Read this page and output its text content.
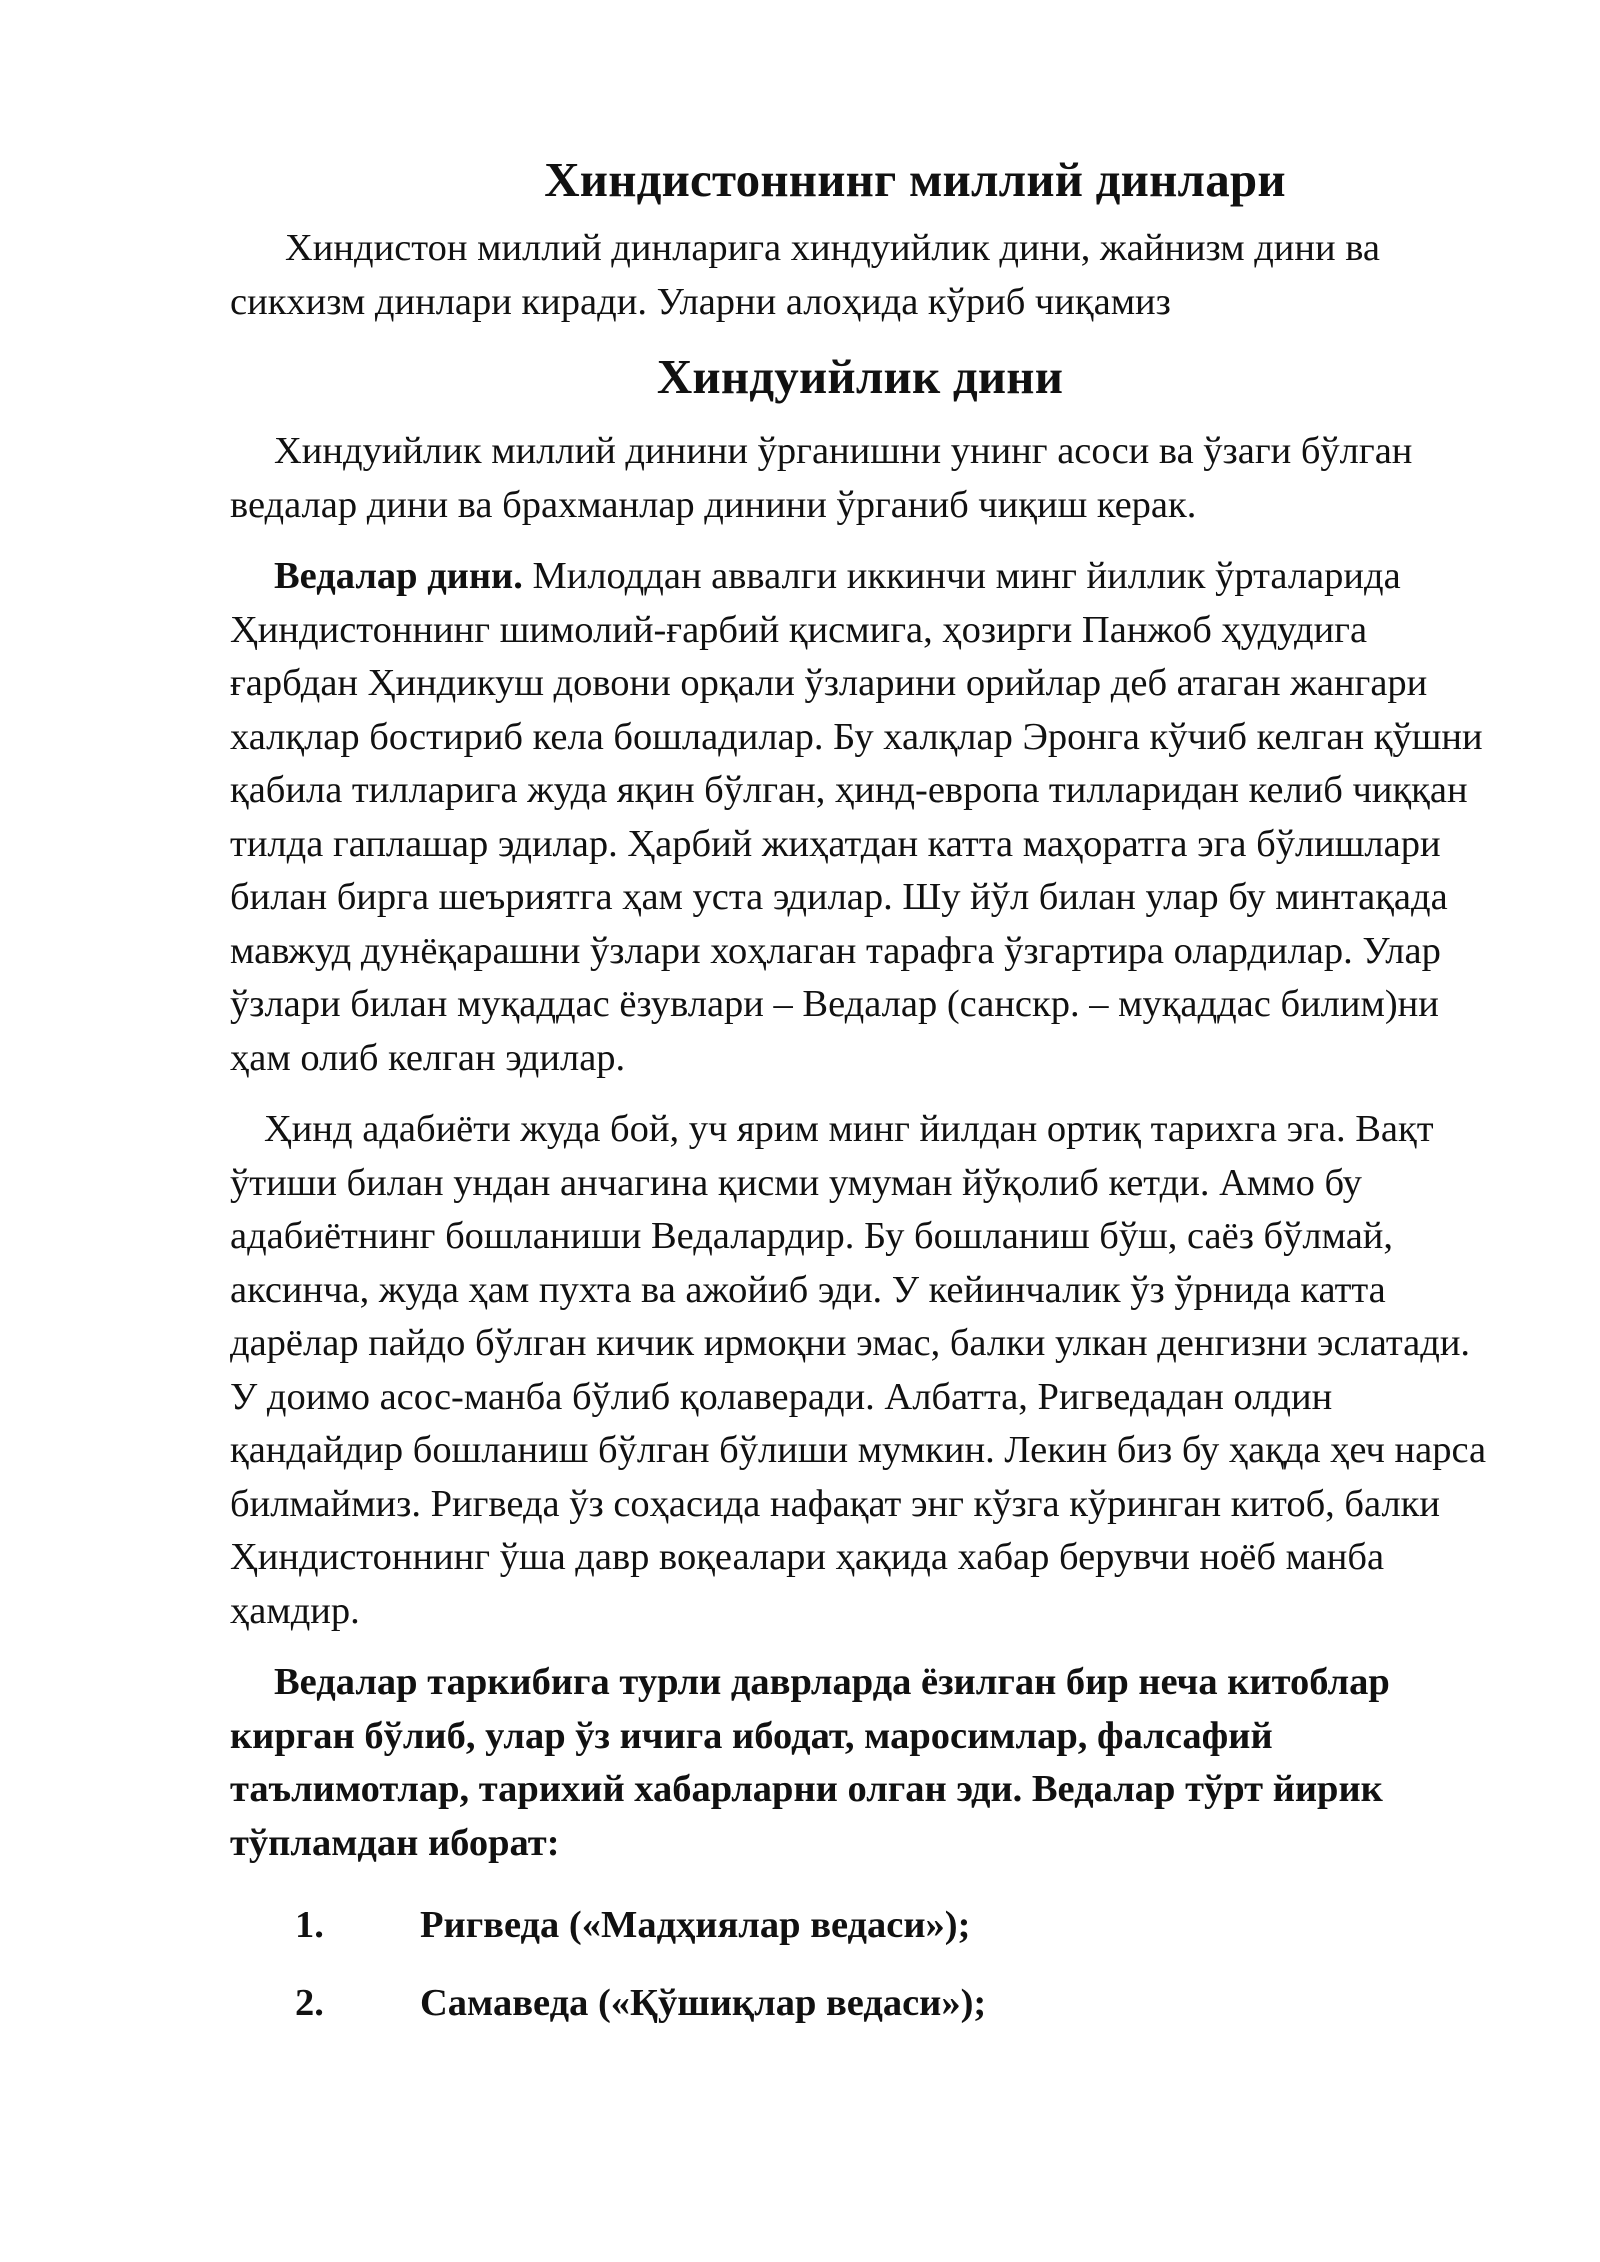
Хиндистоннинг миллий динлари

Хиндистон миллий динларига хиндуийлик дини, жайнизм дини ва сикхизм динлари киради. Уларни алоҳида кўриб чиқамиз

Хиндуийлик дини

Хиндуийлик миллий динини ўрганишни унинг асоси ва ўзаги бўлган ведалар дини ва брахманлар динини ўрганиб чиқиш керак.

Ведалар дини. Милоддан аввалги иккинчи минг йиллик ўрталарида Ҳиндистоннинг шимолий-ғарбий қисмига, ҳозирги Панжоб ҳудудига ғарбдан Ҳиндикуш довони орқали ўзларини орийлар деб атаган жангари халқлар бостириб кела бошладилар. Бу халқлар Эронга кўчиб келган қўшни қабила тилларига жуда яқин бўлган, ҳинд-европа тилларидан келиб чиққан тилда гаплашар эдилар. Ҳарбий жиҳатдан катта маҳоратга эга бўлишлари билан бирга шеъриятга ҳам уста эдилар. Шу йўл билан улар бу минтақада мавжуд дунёқарашни ўзлари хоҳлаган тарафга ўзгартира олардилар. Улар ўзлари билан муқаддас ёзувлари – Ведалар (санскр. – муқаддас билим)ни ҳам олиб келган эдилар.

Ҳинд адабиёти жуда бой, уч ярим минг йилдан ортиқ тарихга эга. Вақт ўтиши билан ундан анчагина қисми умуман йўқолиб кетди. Аммо бу адабиётнинг бошланиши Ведалардир. Бу бошланиш бўш, саёз бўлмай, аксинча, жуда ҳам пухта ва ажойиб эди. У кейинчалик ўз ўрнида катта дарёлар пайдо бўлган кичик ирмоқни эмас, балки улкан денгизни эслатади. У доимо асос-манба бўлиб қолаверади. Албатта, Ригведадан олдин қандайдир бошланиш бўлган бўлиши мумкин. Лекин биз бу ҳақда ҳеч нарса билмаймиз. Ригведа ўз соҳасида нафақат энг кўзга кўринган китоб, балки Ҳиндистоннинг ўша давр воқеалари ҳақида хабар берувчи ноёб манба ҳамдир.

Ведалар таркибига турли даврларда ёзилган бир неча китоблар кирган бўлиб, улар ўз ичига ибодат, маросимлар, фалсафий таълимотлар, тарихий хабарларни олган эди. Ведалар тўрт йирик тўпламдан иборат:

1.	Ригведа («Мадҳиялар ведаси»);
2.	Самаведа («Қўшиқлар ведаси»);
